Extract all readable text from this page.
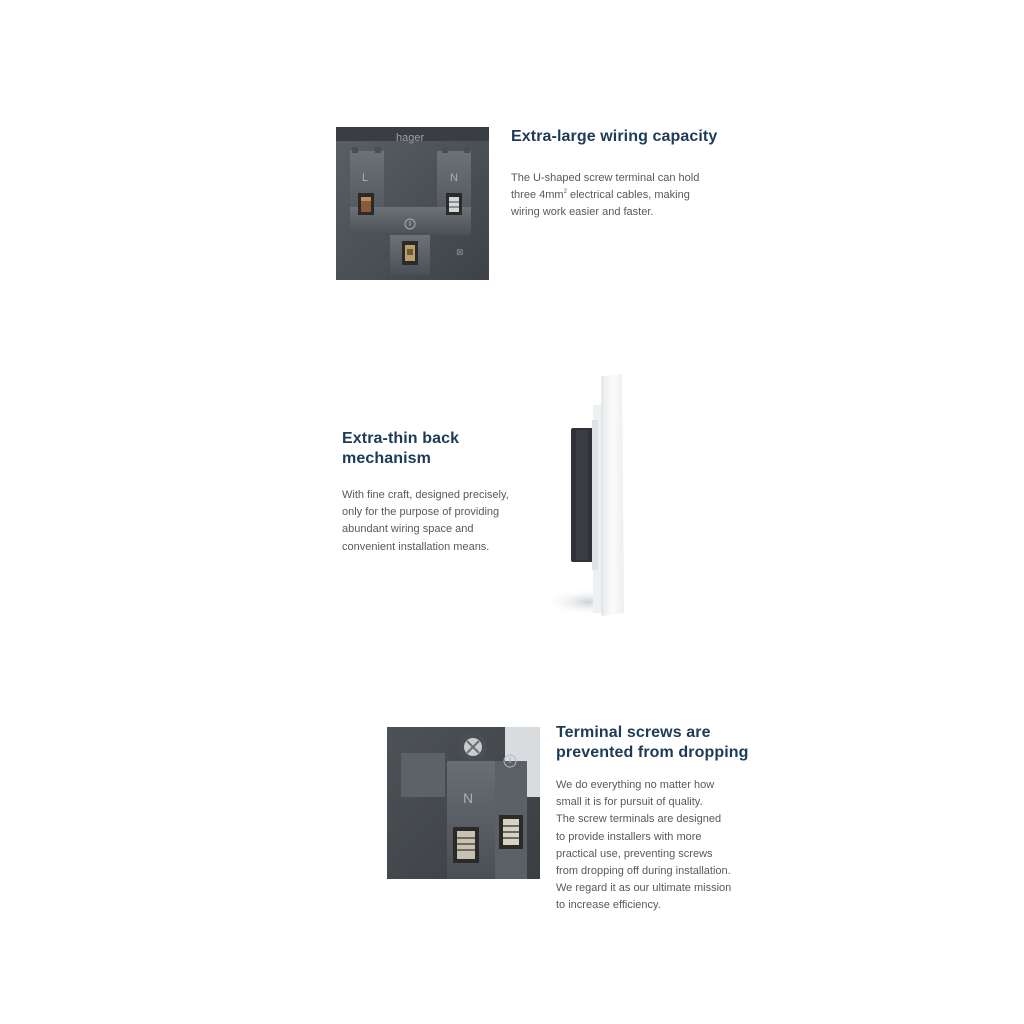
hager
L	N
⊠
Extra-large wiring capacity
The U-shaped screw terminal can hold
three $4mm^2$ electrical cables, making
wiring work easier and faster.
Extra-thin back
mechanism
With fine craft, designed precisely,
only for the purpose of providing
abundant wiring space and
convenient installation means.
N
Terminal screws are
prevented from dropping
We do everything no matter how
small it is for pursuit of quality.
The screw terminals are designed
to provide installers with more
practical use, preventing screws
from dropping off during installation.
We regard it as our ultimate mission
to increase efficiency.
